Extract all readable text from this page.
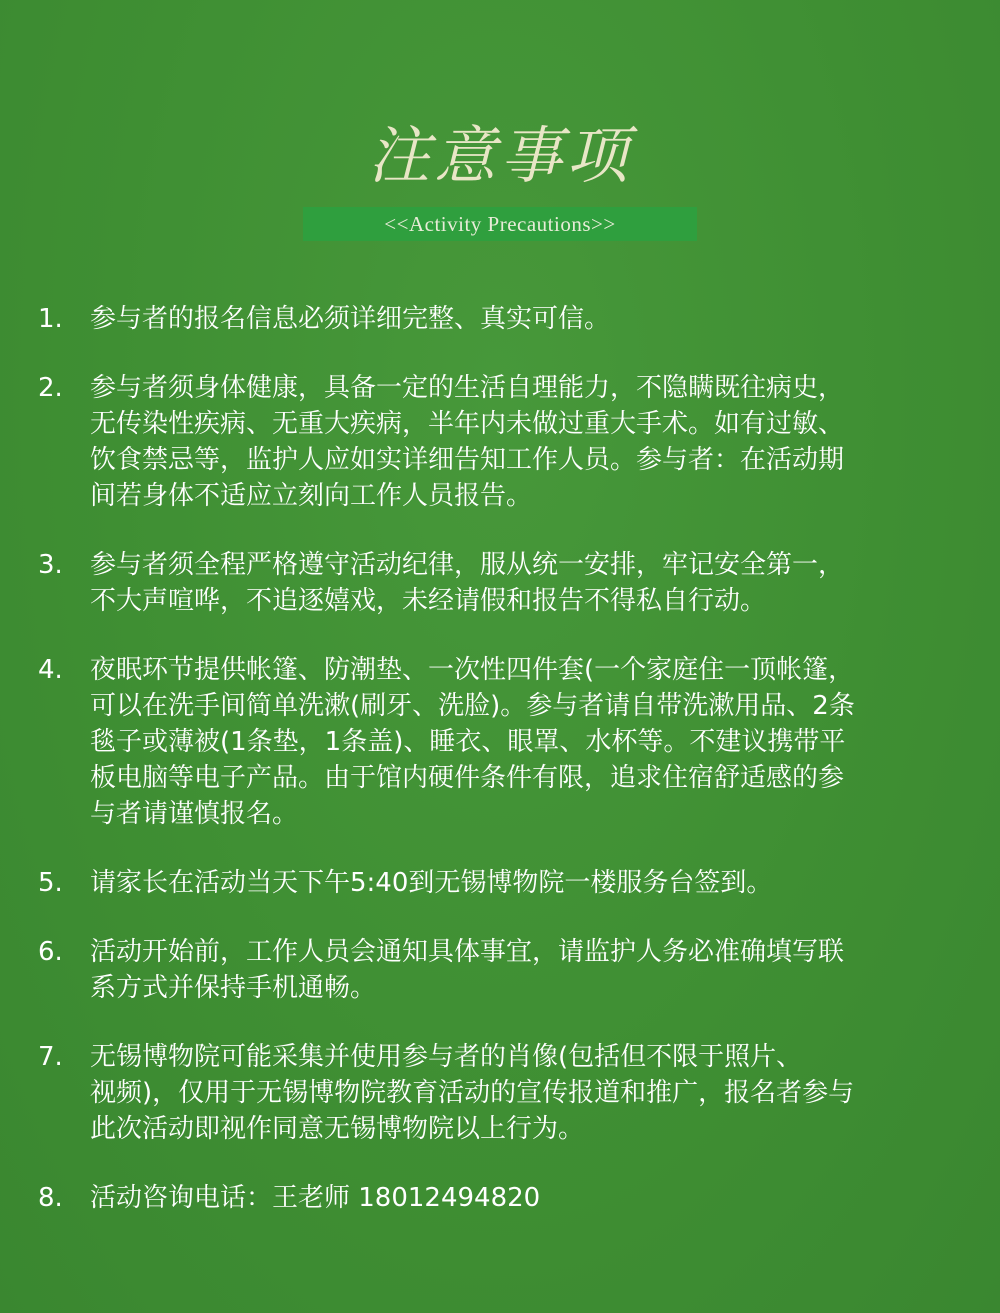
注意事项
<<Activity Precautions>>
1.	参与者的报名信息必须详细完整、真实可信。
2.	参与者须身体健康，具备一定的生活自理能力，不隐瞒既往病史，
无传染性疾病、无重大疾病，半年内未做过重大手术。如有过敏、
饮食禁忌等，监护人应如实详细告知工作人员。参与者：在活动期
间若身体不适应立刻向工作人员报告。
3.	参与者须全程严格遵守活动纪律，服从统一安排，牢记安全第一，
不大声喧哗，不追逐嬉戏，未经请假和报告不得私自行动。
4.	夜眠环节提供帐篷、防潮垫、一次性四件套(一个家庭住一顶帐篷，
可以在洗手间简单洗漱(刷牙、洗脸)。参与者请自带洗漱用品、2条
毯子或薄被(1条垫，1条盖)、睡衣、眼罩、水杯等。不建议携带平
板电脑等电子产品。由于馆内硬件条件有限，追求住宿舒适感的参
与者请谨慎报名。
5.	请家长在活动当天下午5:40到无锡博物院一楼服务台签到。
6.	活动开始前，工作人员会通知具体事宜，请监护人务必准确填写联
系方式并保持手机通畅。
7.	无锡博物院可能采集并使用参与者的肖像(包括但不限于照片、
视频)，仅用于无锡博物院教育活动的宣传报道和推广，报名者参与
此次活动即视作同意无锡博物院以上行为。
8.	活动咨询电话：王老师 18012494820
